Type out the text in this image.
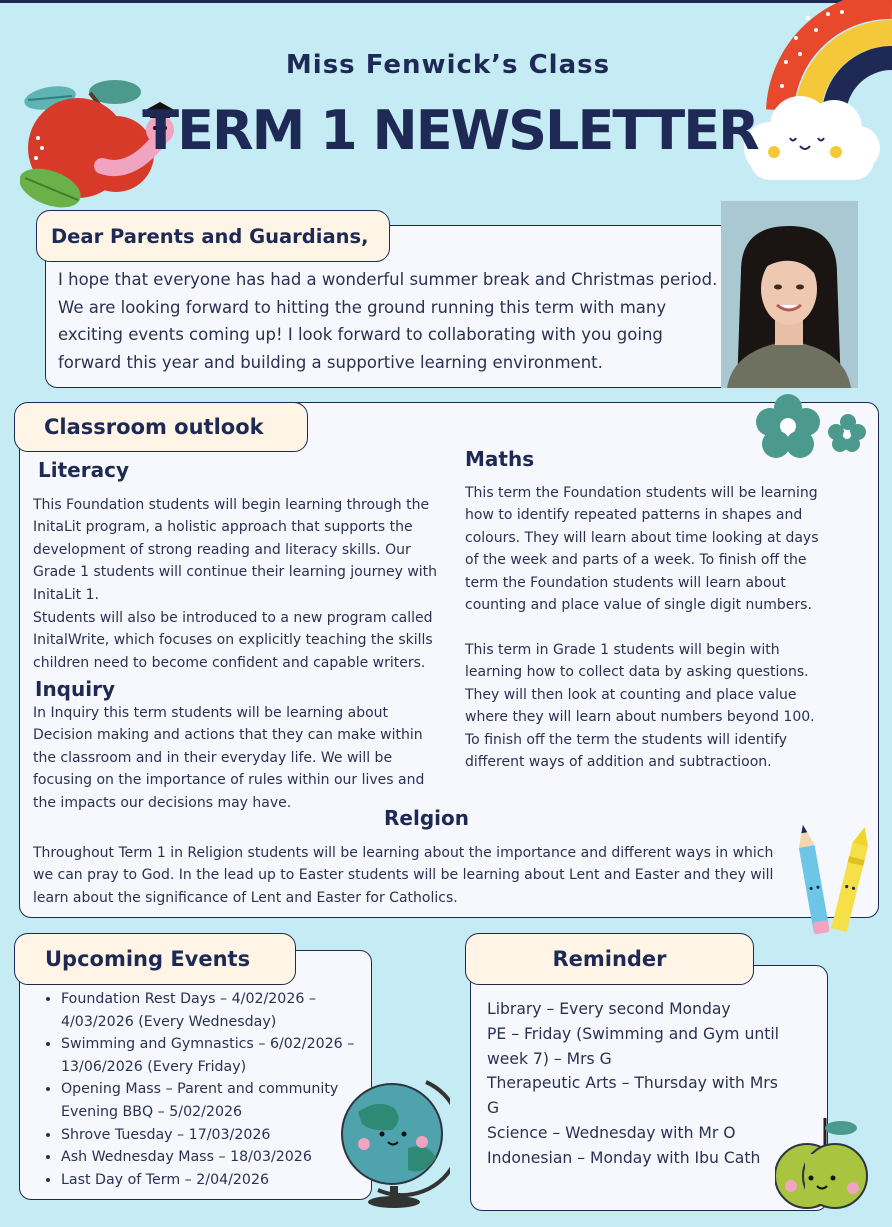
Miss Fenwick’s Class
TERM 1 NEWSLETTER
Dear Parents and Guardians,
I hope that everyone has had a wonderful summer break and Christmas period. We are looking forward to hitting the ground running this term with many exciting events coming up! I look forward to collaborating with you going forward this year and building a supportive learning environment.
Classroom outlook
Literacy
This Foundation students will begin learning through the InitaLit program, a holistic approach that supports the development of strong reading and literacy skills. Our Grade 1 students will continue their learning journey with InitaLit 1.
Students will also be introduced to a new program called InitalWrite, which focuses on explicitly teaching the skills children need to become confident and capable writers.
Inquiry
In Inquiry this term students will be learning about Decision making and actions that they can make within the classroom and in their everyday life. We will be focusing on the importance of rules within our lives and the impacts our decisions may have.
Maths
This term the Foundation students will be learning how to identify repeated patterns in shapes and colours. They will learn about time looking at days of the week and parts of a week. To finish off the term the Foundation students will learn about counting and place value of single digit numbers.
This term in Grade 1 students will begin with learning how to collect data by asking questions. They will then look at counting and place value where they will learn about numbers beyond 100. To finish off the term the students will identify different ways of addition and subtractioon.
Relgion
Throughout Term 1 in Religion students will be learning about the importance and different ways in which we can pray to God. In the lead up to Easter students will be learning about Lent and Easter and they will learn about the significance of Lent and Easter for Catholics.
Upcoming Events
• Foundation Rest Days – 4/02/2026 – 4/03/2026 (Every Wednesday)
• Swimming and Gymnastics – 6/02/2026 – 13/06/2026 (Every Friday)
• Opening Mass – Parent and community Evening BBQ – 5/02/2026
• Shrove Tuesday – 17/03/2026
• Ash Wednesday Mass – 18/03/2026
• Last Day of Term – 2/04/2026
Reminder
Library – Every second Monday
PE – Friday (Swimming and Gym until week 7) – Mrs G
Therapeutic Arts – Thursday with Mrs G
Science – Wednesday with Mr O
Indonesian – Monday with Ibu Cath
